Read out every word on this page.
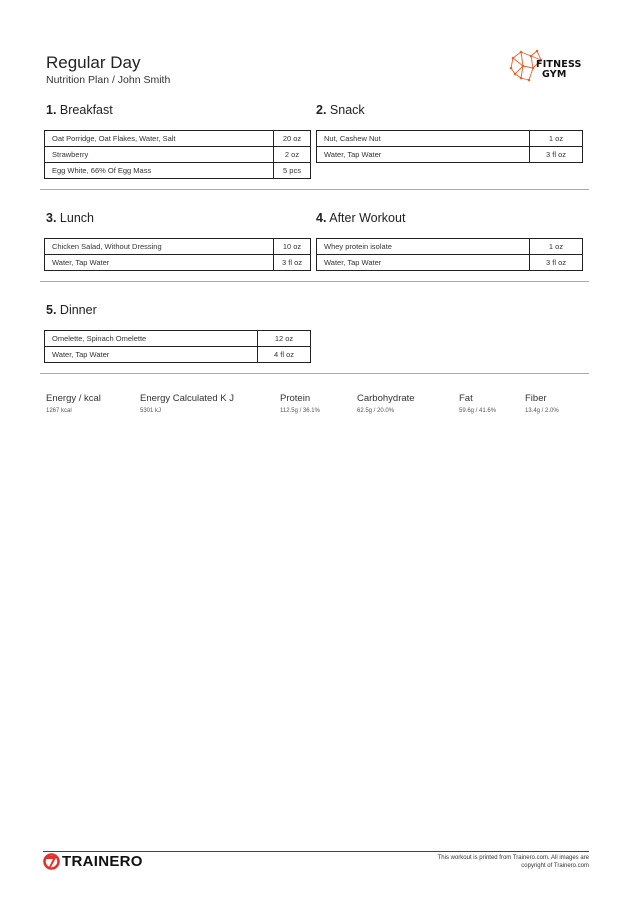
Regular Day
Nutrition Plan / John Smith
FITNESS
GYM
1. Breakfast
Oat Porridge, Oat Flakes, Water, Salt	20 oz
Strawberry	2 oz
Egg White, 66% Of Egg Mass	5 pcs
2. Snack
Nut, Cashew Nut	1 oz
Water, Tap Water	3 fl oz
3. Lunch
Chicken Salad, Without Dressing	10 oz
Water, Tap Water	3 fl oz
4. After Workout
Whey protein isolate	1 oz
Water, Tap Water	3 fl oz
5. Dinner
Omelette, Spinach Omelette	12 oz
Water, Tap Water	4 fl oz
Energy / kcal
1267 kcal
Energy Calculated K J
5301 kJ
Protein
112.5g / 36.1%
Carbohydrate
62.5g / 20.0%
Fat
59.6g / 41.6%
Fiber
13.4g / 2.0%
TRAINERO	This workout is printed from Trainero.com. All images are
copyright of Trainero.com
